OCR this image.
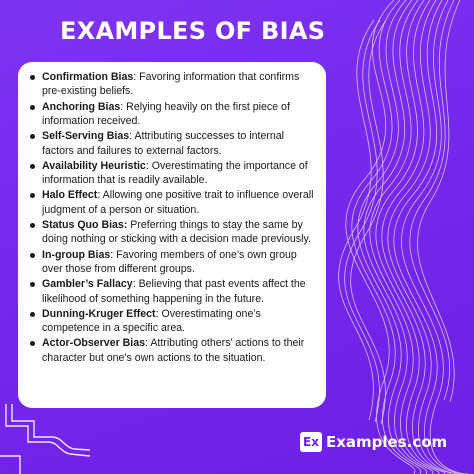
EXAMPLES OF BIAS
Confirmation Bias: Favoring information that confirms pre-existing beliefs.
Anchoring Bias: Relying heavily on the first piece of information received.
Self-Serving Bias: Attributing successes to internal factors and failures to external factors.
Availability Heuristic: Overestimating the importance of information that is readily available.
Halo Effect: Allowing one positive trait to influence overall judgment of a person or situation.
Status Quo Bias: Preferring things to stay the same by doing nothing or sticking with a decision made previously.
In-group Bias: Favoring members of one’s own group over those from different groups.
Gambler’s Fallacy: Believing that past events affect the likelihood of something happening in the future.
Dunning-Kruger Effect: Overestimating one’s competence in a specific area.
Actor-Observer Bias: Attributing others' actions to their character but one's own actions to the situation.
Ex Examples.com
